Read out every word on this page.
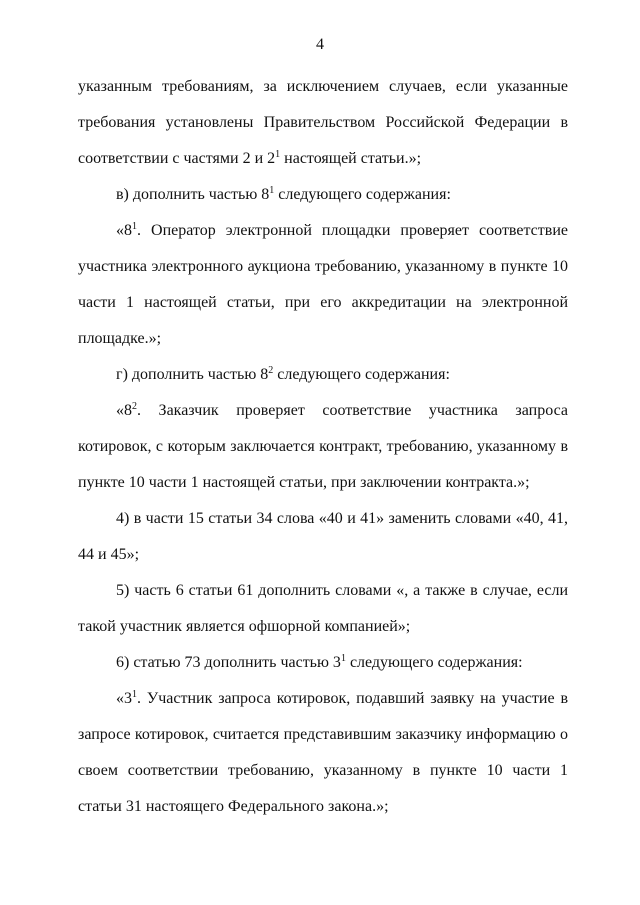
4

указанным требованиям, за исключением случаев, если указанные требования установлены Правительством Российской Федерации в соответствии с частями 2 и $2^1$ настоящей статьи.»;

в) дополнить частью $8^1$ следующего содержания:

«$8^1$. Оператор электронной площадки проверяет соответствие участника электронного аукциона требованию, указанному в пункте 10 части 1 настоящей статьи, при его аккредитации на электронной площадке.»;

г) дополнить частью $8^2$ следующего содержания:

«$8^2$. Заказчик проверяет соответствие участника запроса котировок, с которым заключается контракт, требованию, указанному в пункте 10 части 1 настоящей статьи, при заключении контракта.»;

4) в части 15 статьи 34 слова «40 и 41» заменить словами «40, 41, 44 и 45»;

5) часть 6 статьи 61 дополнить словами «, а также в случае, если такой участник является офшорной компанией»;

6) статью 73 дополнить частью $3^1$ следующего содержания:

«$3^1$. Участник запроса котировок, подавший заявку на участие в запросе котировок, считается представившим заказчику информацию о своем соответствии требованию, указанному в пункте 10 части 1 статьи 31 настоящего Федерального закона.»;
